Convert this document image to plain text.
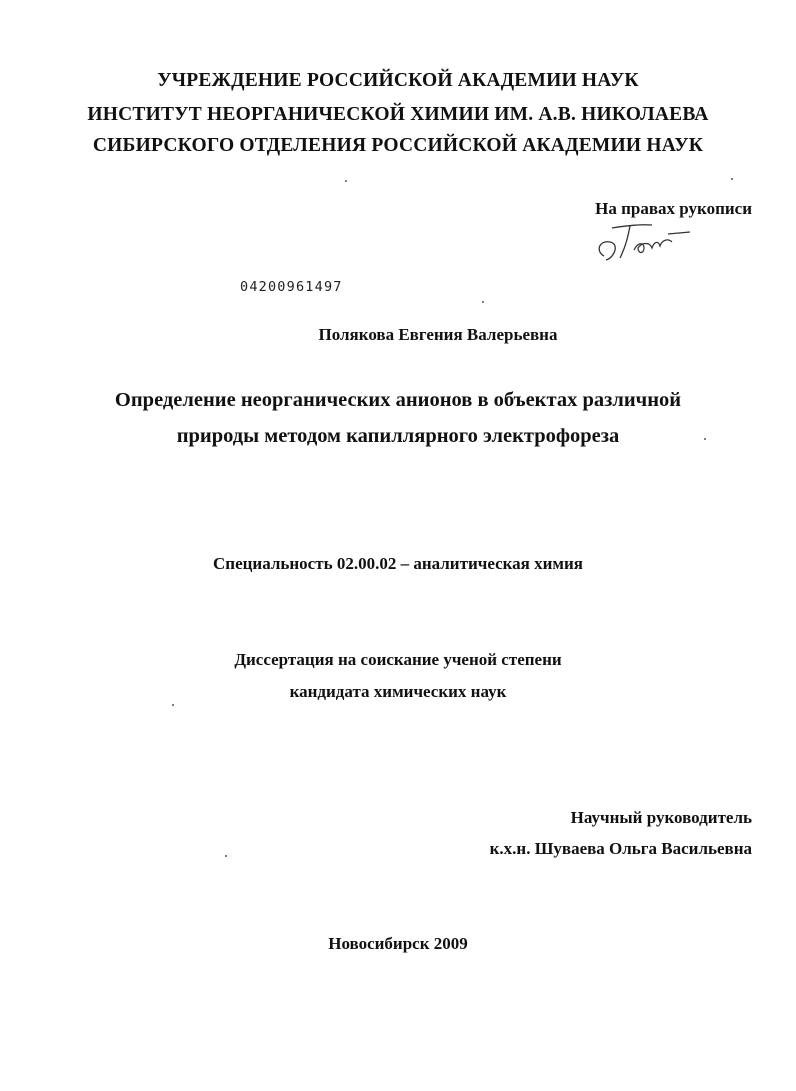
УЧРЕЖДЕНИЕ РОССИЙСКОЙ АКАДЕМИИ НАУК
ИНСТИТУТ НЕОРГАНИЧЕСКОЙ ХИМИИ ИМ. А.В. НИКОЛАЕВА
СИБИРСКОГО ОТДЕЛЕНИЯ РОССИЙСКОЙ АКАДЕМИИ НАУК
На правах рукописи
04200961497
Полякова Евгения Валерьевна
Определение неорганических анионов в объектах различной
природы методом капиллярного электрофореза
Специальность 02.00.02 – аналитическая химия
Диссертация на соискание ученой степени
кандидата химических наук
Научный руководитель
к.х.н. Шуваева Ольга Васильевна
Новосибирск 2009
